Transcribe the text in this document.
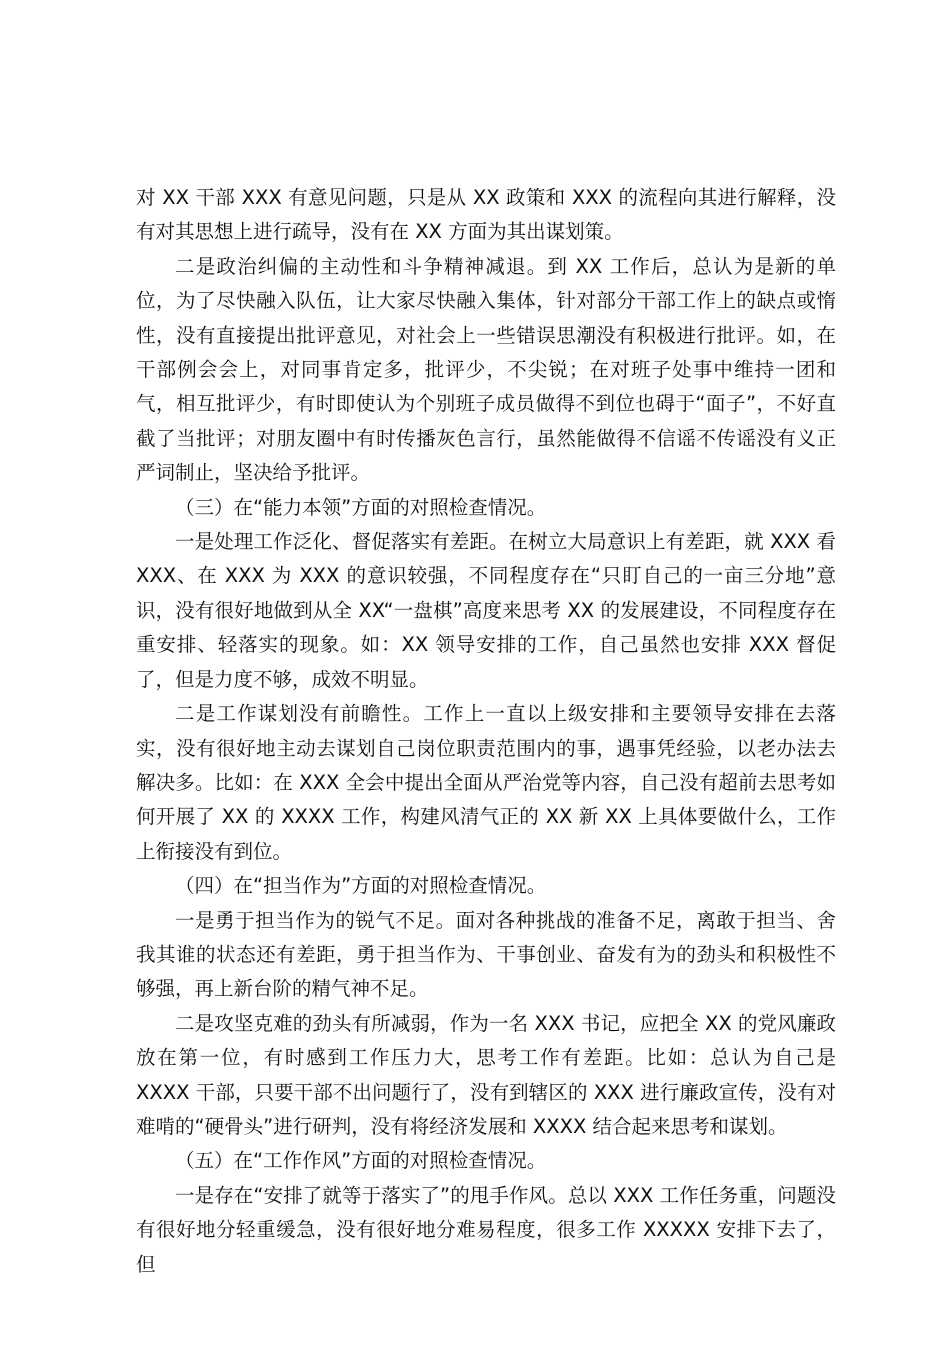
对 XX 干部 XXX 有意见问题，只是从 XX 政策和 XXX 的流程向其进行解释，没有对其思想上进行疏导，没有在 XX 方面为其出谋划策。

二是政治纠偏的主动性和斗争精神减退。到 XX 工作后，总认为是新的单位，为了尽快融入队伍，让大家尽快融入集体，针对部分干部工作上的缺点或惰性，没有直接提出批评意见，对社会上一些错误思潮没有积极进行批评。如，在干部例会会上，对同事肯定多，批评少，不尖锐；在对班子处事中维持一团和气，相互批评少，有时即使认为个别班子成员做得不到位也碍于“面子”，不好直截了当批评；对朋友圈中有时传播灰色言行，虽然能做得不信谣不传谣没有义正严词制止，坚决给予批评。

（三）在“能力本领”方面的对照检查情况。

一是处理工作泛化、督促落实有差距。在树立大局意识上有差距，就 XXX 看 XXX、在 XXX 为 XXX 的意识较强，不同程度存在“只盯自己的一亩三分地”意识，没有很好地做到从全 XX“一盘棋”高度来思考 XX 的发展建设，不同程度存在重安排、轻落实的现象。如：XX 领导安排的工作，自己虽然也安排 XXX 督促了，但是力度不够，成效不明显。

二是工作谋划没有前瞻性。工作上一直以上级安排和主要领导安排在去落实，没有很好地主动去谋划自己岗位职责范围内的事，遇事凭经验，以老办法去解决多。比如：在 XXX 全会中提出全面从严治党等内容，自己没有超前去思考如何开展了 XX 的 XXXX 工作，构建风清气正的 XX 新 XX 上具体要做什么，工作上衔接没有到位。

（四）在“担当作为”方面的对照检查情况。

一是勇于担当作为的锐气不足。面对各种挑战的准备不足，离敢于担当、舍我其谁的状态还有差距，勇于担当作为、干事创业、奋发有为的劲头和积极性不够强，再上新台阶的精气神不足。

二是攻坚克难的劲头有所减弱，作为一名 XXX 书记，应把全 XX 的党风廉政放在第一位，有时感到工作压力大，思考工作有差距。比如：总认为自己是 XXXX 干部，只要干部不出问题行了，没有到辖区的 XXX 进行廉政宣传，没有对难啃的“硬骨头”进行研判，没有将经济发展和 XXXX 结合起来思考和谋划。

（五）在“工作作风”方面的对照检查情况。

一是存在“安排了就等于落实了”的甩手作风。总以 XXX 工作任务重，问题没有很好地分轻重缓急，没有很好地分难易程度，很多工作 XXXXX 安排下去了，但
